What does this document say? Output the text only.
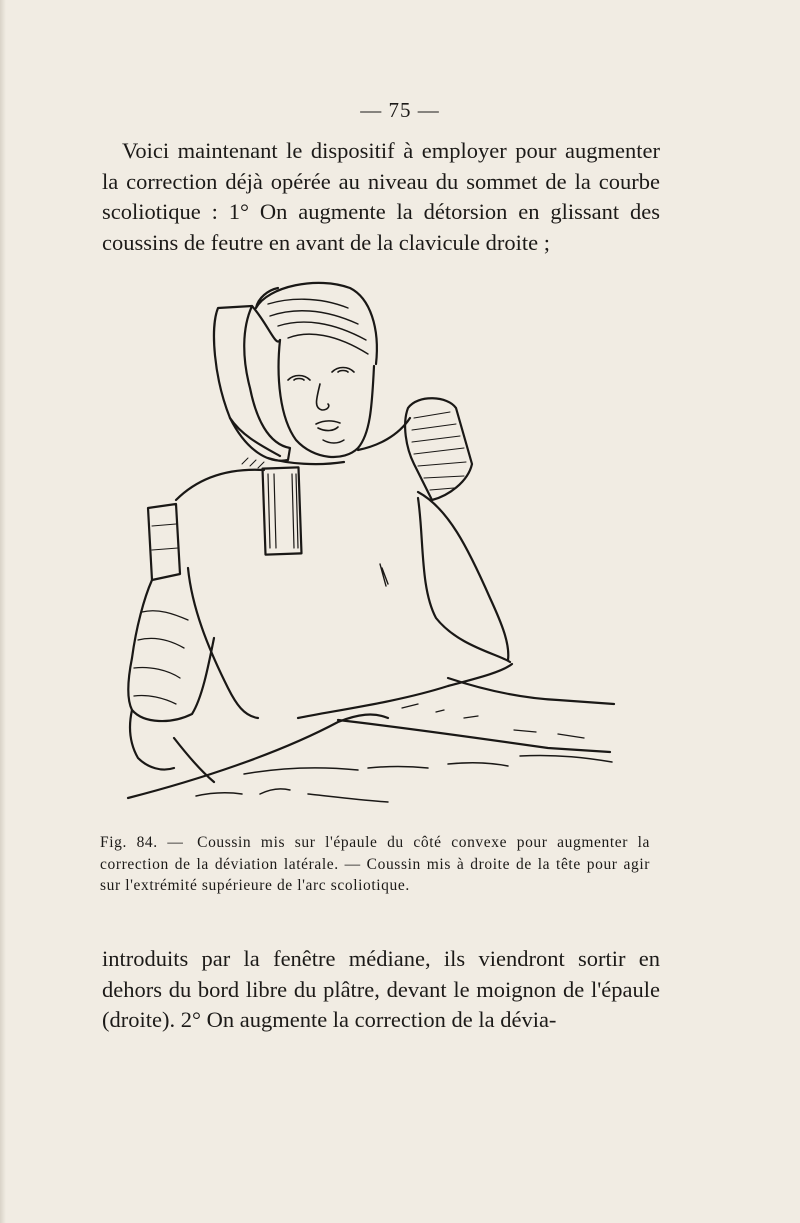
— 75 —

Voici maintenant le dispositif à employer pour augmenter la correction déjà opérée au niveau du sommet de la courbe scoliotique : 1° On augmente la détorsion en glissant des coussins de feutre en avant de la clavicule droite ;

Fig. 84. — Coussin mis sur l'épaule du côté convexe pour augmenter la correction de la déviation latérale. — Coussin mis à droite de la tête pour agir sur l'extrémité supérieure de l'arc scoliotique.

introduits par la fenêtre médiane, ils viendront sortir en dehors du bord libre du plâtre, devant le moignon de l'épaule (droite). 2° On augmente la correction de la dévia-
